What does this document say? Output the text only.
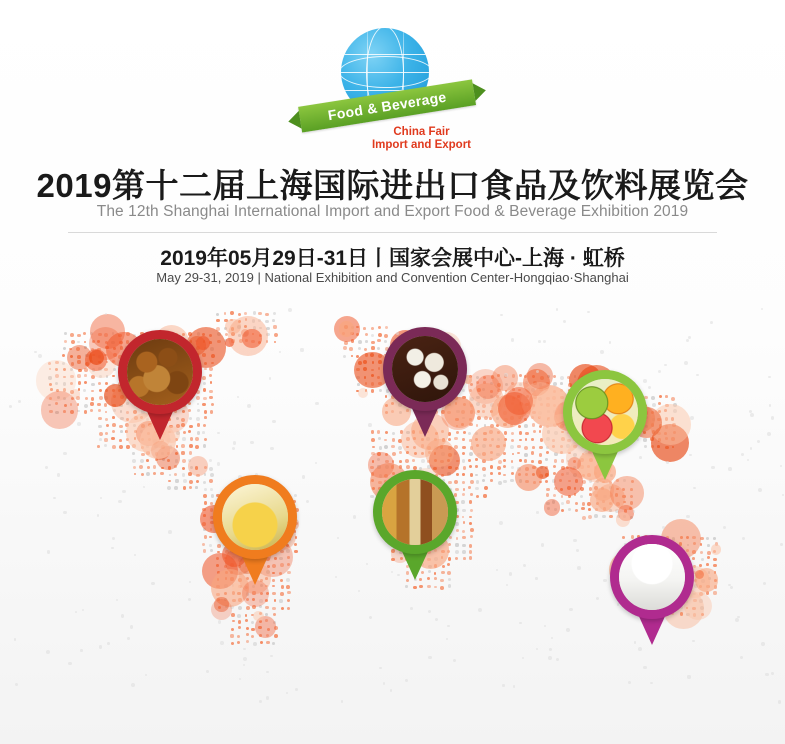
Food & Beverage
China Fair
Import and Export
2019第十二届上海国际进出口食品及饮料展览会
The 12th Shanghai International Import and Export Food & Beverage Exhibition 2019
2019年05月29日-31日丨国家会展中心-上海 · 虹桥
May 29-31, 2019 | National Exhibition and Convention Center-Hongqiao·Shanghai
